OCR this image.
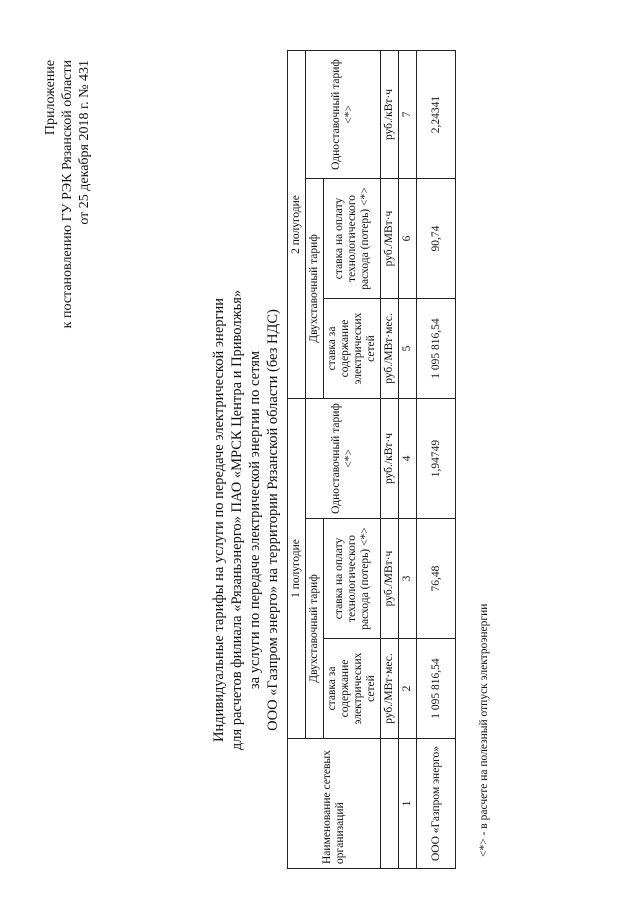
Приложение к постановлению ГУ РЭК Рязанской области от 25 декабря 2018 г. № 431
Индивидуальные тарифы на услуги по передаче электрической энергии для расчетов филиала «Рязаньэнерго» ПАО «МРСК Центра и Приволжья» за услуги по передаче электрической энергии по сетям ООО «Газпром энерго» на территории Рязанской области (без НДС)
Наименование сетевых организаций	1 полугодие			2 полугодие		
	Двухставочный тариф		Одноставочный тариф <*>	Двухставочный тариф		Одноставочный тариф <*>
	ставка за содержание электрических сетей	ставка на оплату технологического расхода (потерь) <*>		ставка за содержание электрических сетей	ставка на оплату технологического расхода (потерь) <*>	
	руб./МВт·мес.	руб./МВт·ч	руб./кВт·ч	руб./МВт·мес.	руб./МВт·ч	руб./кВт·ч
1	2	3	4	5	6	7
ООО «Газпром энерго»	1 095 816,54	76,48	1,94749	1 095 816,54	90,74	2,24341
<*> - в расчете на полезный отпуск электроэнергии
